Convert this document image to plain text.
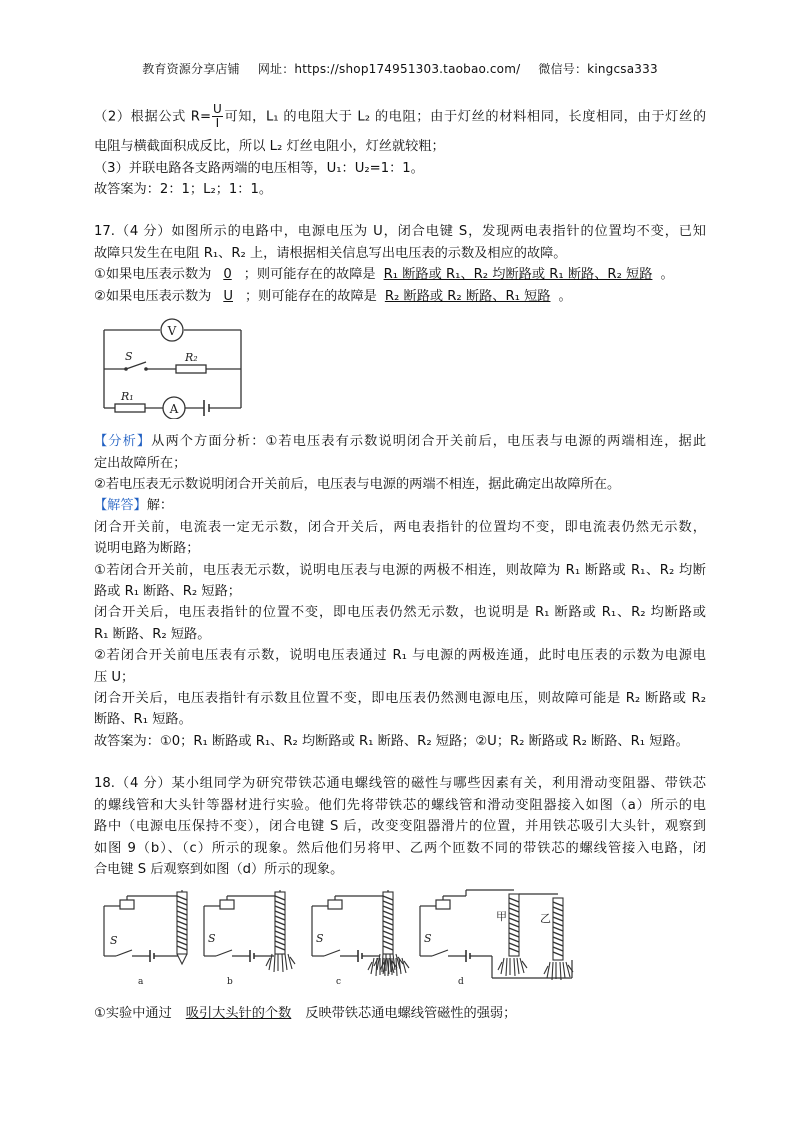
教育资源分享店铺 网址：https://shop174951303.taobao.com/ 微信号：kingcsa333
（2）根据公式 $R= \frac{U}{I}$ 可知，L₁ 的电阻大于 L₂ 的电阻；由于灯丝的材料相同，长度相同，由于灯丝的
电阻与横截面积成反比，所以 L₂ 灯丝电阻小，灯丝就较粗；
（3）并联电路各支路两端的电压相等，U₁：U₂=1：1。
故答案为：2：1；L₂；1：1。
17.（4 分）如图所示的电路中，电源电压为 U，闭合电键 S，发现两电表指针的位置均不变，已知
故障只发生在电阻 R₁、R₂ 上，请根据相关信息写出电压表的示数及相应的故障。
①如果电压表示数为 0 ；则可能存在的故障是 R₁ 断路或 R₁、R₂ 均断路或 R₁ 断路、R₂ 短路 。
②如果电压表示数为 U ；则可能存在的故障是 R₂ 断路或 R₂ 断路、R₁ 短路 。
V
A
S	R₂
R₁
【分析】从两个方面分析：①若电压表有示数说明闭合开关前后，电压表与电源的两端相连，据此
定出故障所在；
②若电压表无示数说明闭合开关前后，电压表与电源的两端不相连，据此确定出故障所在。
【解答】解：
闭合开关前，电流表一定无示数，闭合开关后，两电表指针的位置均不变，即电流表仍然无示数，
说明电路为断路；
①若闭合开关前，电压表无示数，说明电压表与电源的两极不相连，则故障为 R₁ 断路或 R₁、R₂ 均断
路或 R₁ 断路、R₂ 短路；
闭合开关后，电压表指针的位置不变，即电压表仍然无示数，也说明是 R₁ 断路或 R₁、R₂ 均断路或
R₁ 断路、R₂ 短路。
②若闭合开关前电压表有示数，说明电压表通过 R₁ 与电源的两极连通，此时电压表的示数为电源电
压 U；
闭合开关后，电压表指针有示数且位置不变，即电压表仍然测电源电压，则故障可能是 R₂ 断路或 R₂
断路、R₁ 短路。
故答案为：①0；R₁ 断路或 R₁、R₂ 均断路或 R₁ 断路、R₂ 短路；②U；R₂ 断路或 R₂ 断路、R₁ 短路。
18.（4 分）某小组同学为研究带铁芯通电螺线管的磁性与哪些因素有关，利用滑动变阻器、带铁芯
的螺线管和大头针等器材进行实验。他们先将带铁芯的螺线管和滑动变阻器接入如图（a）所示的电
路中（电源电压保持不变），闭合电键 S 后，改变变阻器滑片的位置，并用铁芯吸引大头针，观察到
如图 9（b）、（c）所示的现象。然后他们另将甲、乙两个匝数不同的带铁芯的螺线管接入电路，闭
合电键 S 后观察到如图（d）所示的现象。
S
a
S
b
S
c
S
d
甲	乙
①实验中通过 吸引大头针的个数 反映带铁芯通电螺线管磁性的强弱；
